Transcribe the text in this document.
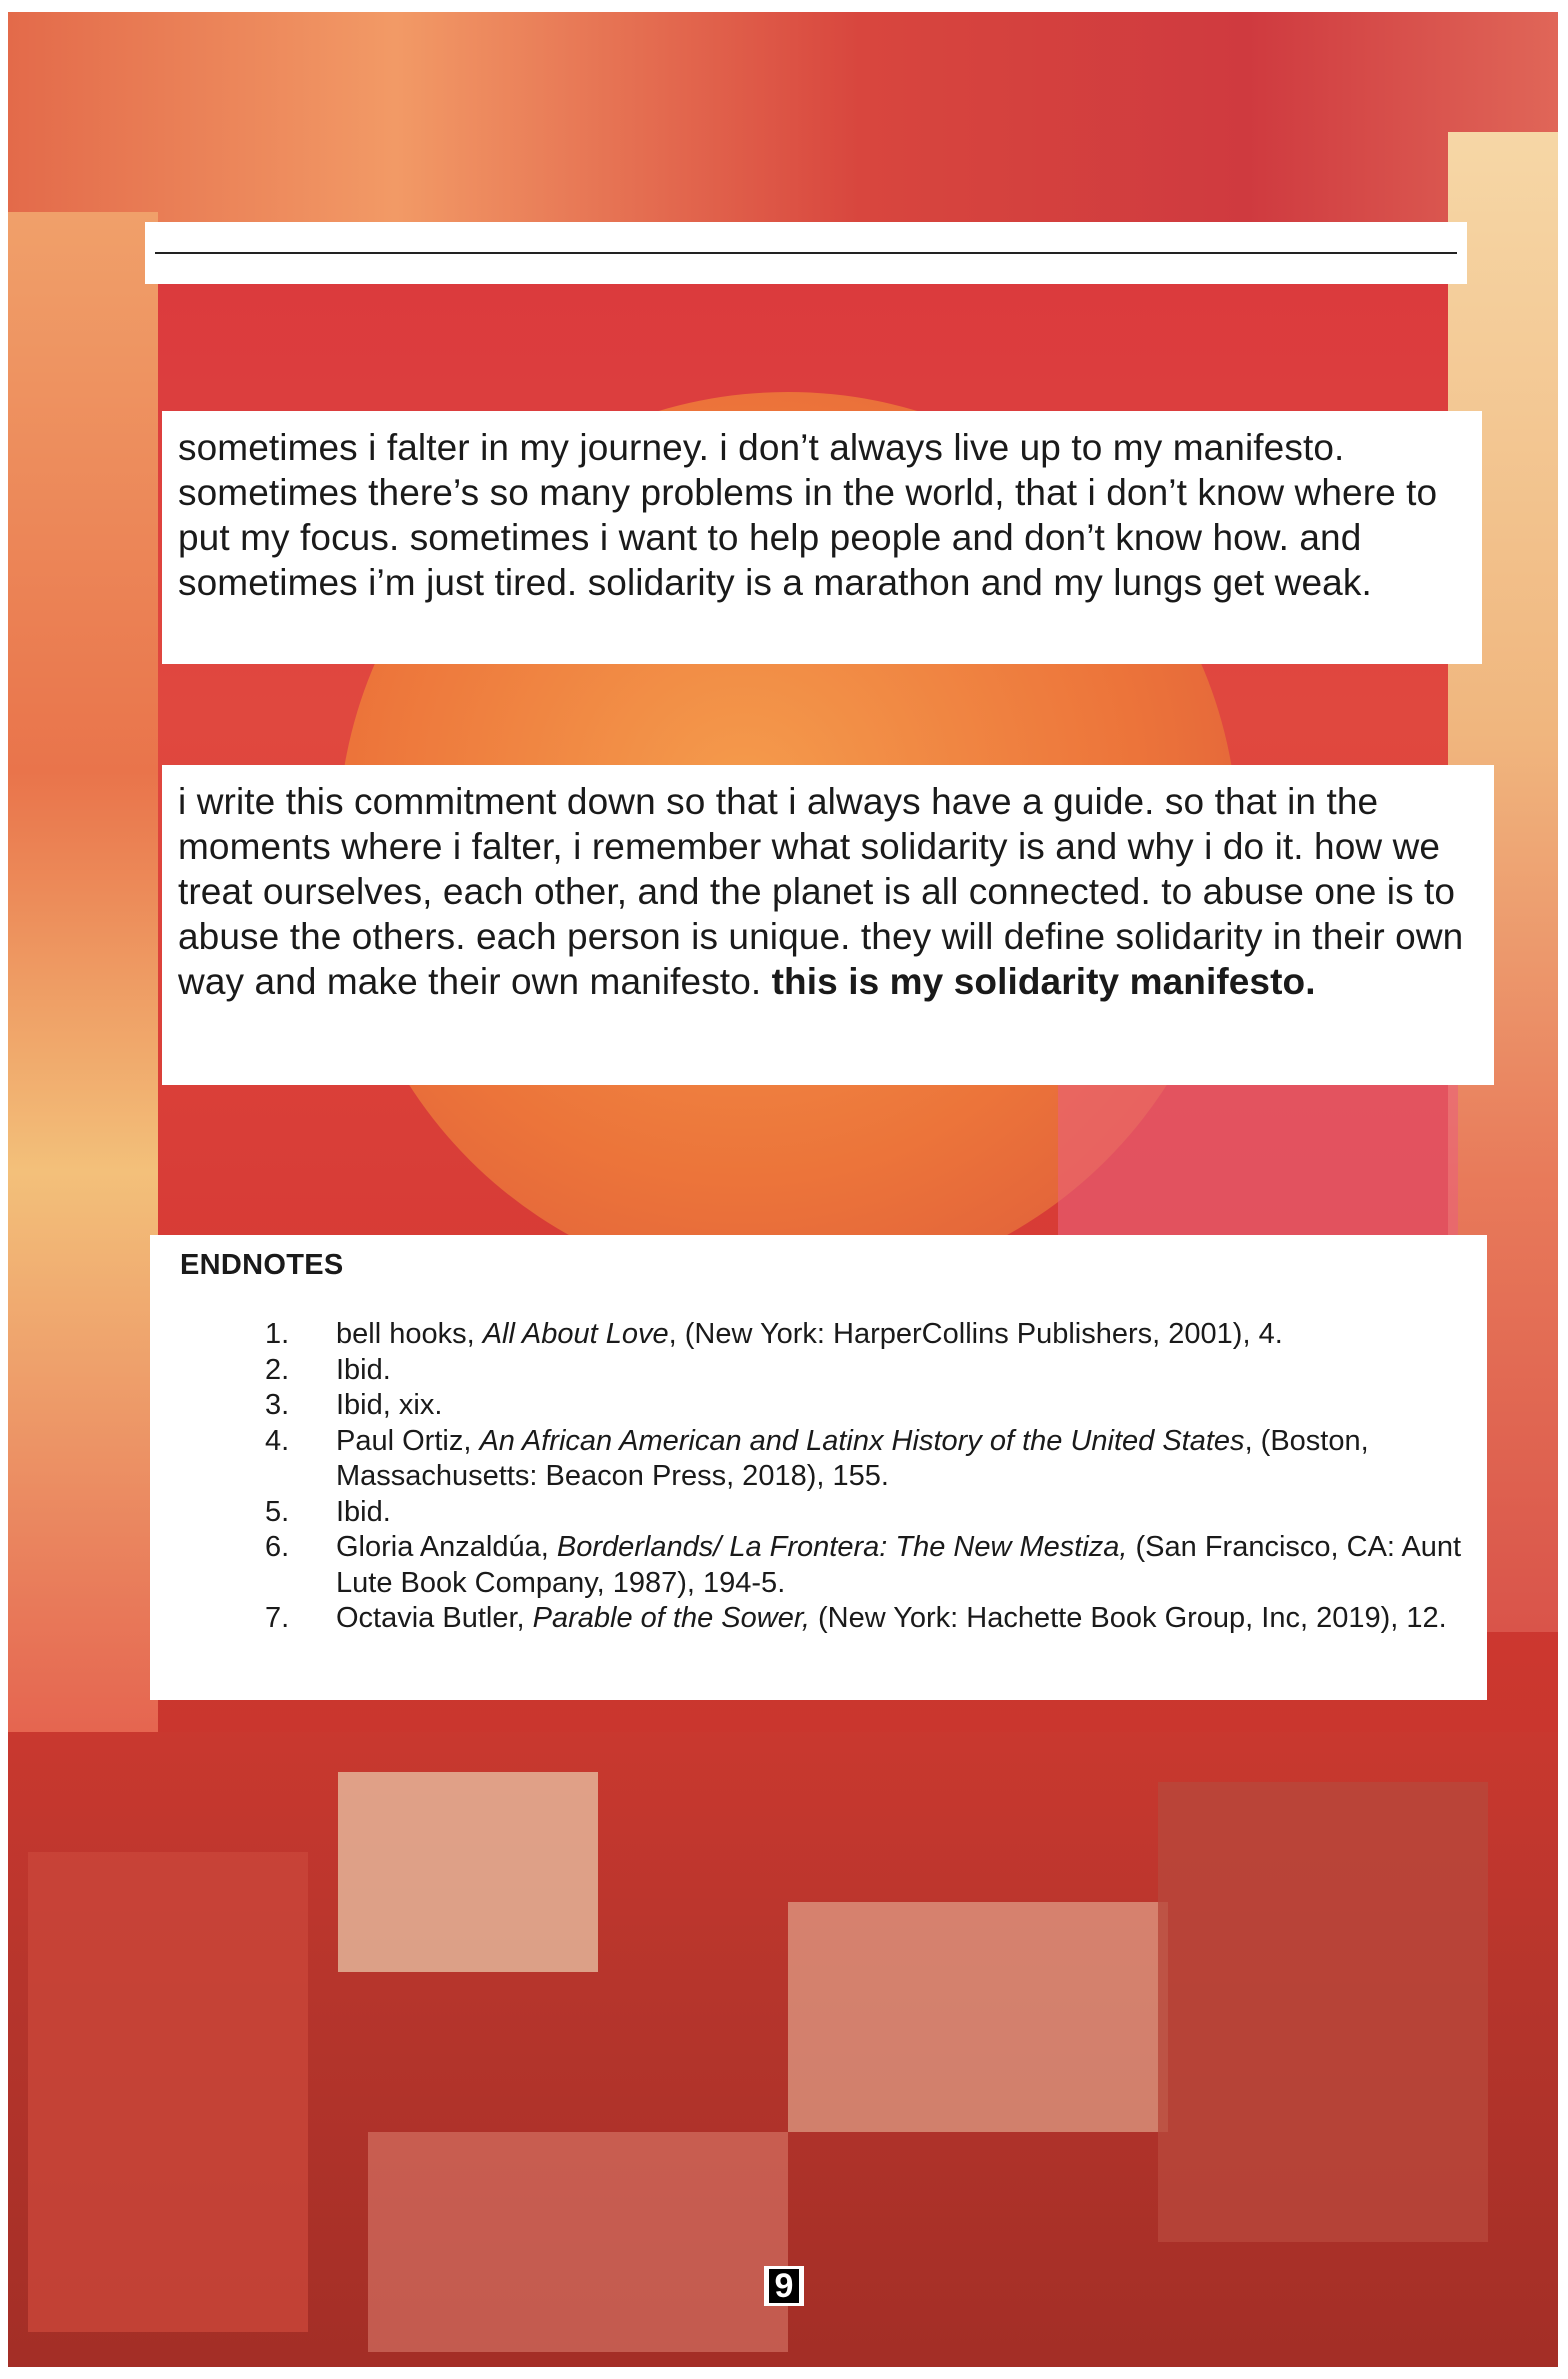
sometimes i falter in my journey. i don’t always live up to my manifesto. sometimes there’s so many problems in the world, that i don’t know where to put my focus. sometimes i want to help people and don’t know how. and sometimes i’m just tired. solidarity is a marathon and my lungs get weak.

i write this commitment down so that i always have a guide. so that in the moments where i falter, i remember what solidarity is and why i do it. how we treat ourselves, each other, and the planet is all connected. to abuse one is to abuse the others. each person is unique. they will define solidarity in their own way and make their own manifesto. this is my solidarity manifesto.

ENDNOTES
1. bell hooks, All About Love, (New York: HarperCollins Publishers, 2001), 4.
2. Ibid.
3. Ibid, xix.
4. Paul Ortiz, An African American and Latinx History of the United States, (Boston, Massachusetts: Beacon Press, 2018), 155.
5. Ibid.
6. Gloria Anzaldúa, Borderlands/ La Frontera: The New Mestiza, (San Francisco, CA: Aunt Lute Book Company, 1987), 194-5.
7. Octavia Butler, Parable of the Sower, (New York: Hachette Book Group, Inc, 2019), 12.
9
